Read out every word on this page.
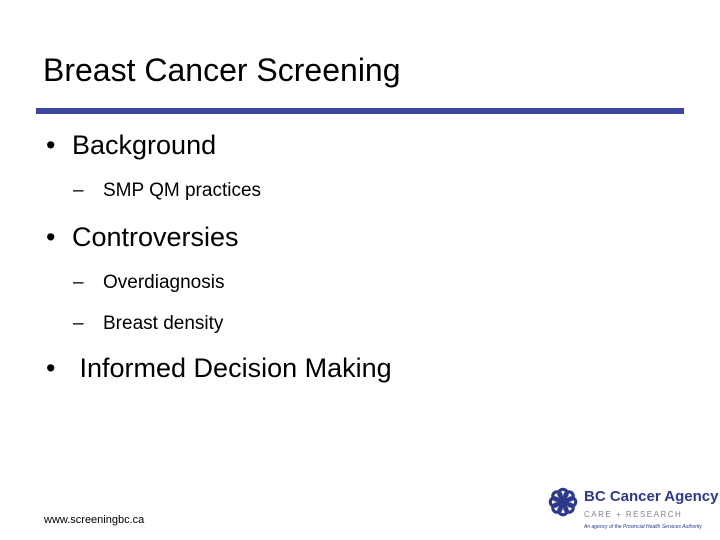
Breast Cancer Screening
• Background
– SMP QM practices
• Controversies
– Overdiagnosis
– Breast density
• Informed Decision Making
www.screeningbc.ca
BC Cancer Agency
CARE + RESEARCH
An agency of the Provincial Health Services Authority
